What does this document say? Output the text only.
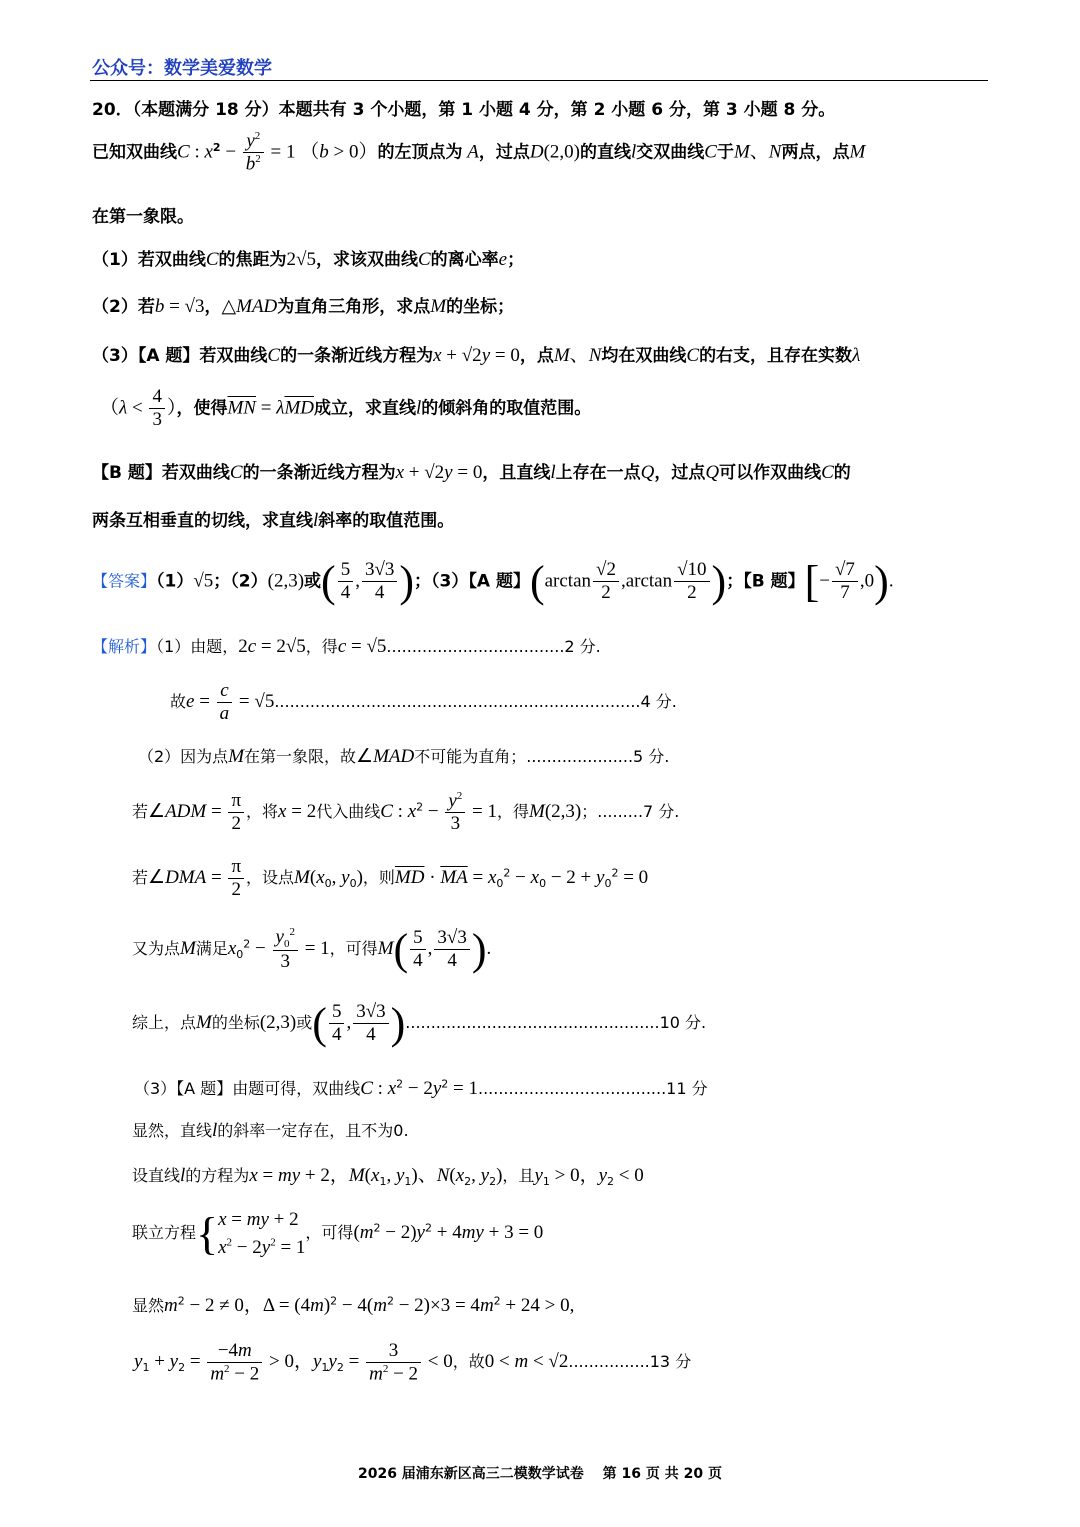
公众号：数学美爱数学
20．（本题满分 18 分）本题共有 3 个小题，第 1 小题 4 分，第 2 小题 6 分，第 3 小题 8 分。
已知双曲线C : $x^2 - \frac{y^2}{b^2} = 1$ （b > 0）的左顶点为 A，过点D(2,0)的直线l交双曲线C于M、N两点，点M
在第一象限。
（1）若双曲线C的焦距为2√5，求该双曲线C的离心率e；
（2）若b = √3，△MAD为直角三角形，求点M的坐标；
（3）【A 题】若双曲线C的一条渐近线方程为x + √2y = 0，点M、N均在双曲线C的右支，且存在实数λ
（$\lambda < \frac{4}{3}$ ），使得$\overline{MN} = \lambda\overline{MD}$成立，求直线l的倾斜角的取值范围。
【B 题】若双曲线C的一条渐近线方程为x + √2y = 0，且直线l上存在一点Q，过点Q可以作双曲线C的
两条互相垂直的切线，求直线l斜率的取值范围。
【答案】（1）√5；（2）(2,3)或( $\frac{5}{4}$ , $\frac{3√3}{4}$ )；（3）【A 题】($\arctan \frac{√2}{2} ,\arctan \frac{√10}{2}$ )；【B 题】[− $\frac{√7}{7} ,0$).
【解析】（1）由题，2c = 2√5，得c = √5...................................2 分.
故$e = \frac{c}{a} = √5........................................................................4$ 分.
（2）因为点M在第一象限，故∠MAD不可能为直角；.....................5 分.
若∠ADM = $\frac{\pi}{2}$ ，将x = 2代入曲线C : $x^2 - \frac{y^2}{3} = 1$，得M(2,3)；.........7 分.
若∠DMA = $\frac{\pi}{2}$ ，设点$M(x_0$, $y_0$)，则$\overline{MD} \cdot \overline{MA} = x_0^2 - x_0 - 2 + y_0^2 = 0$
又为点M满足$x_0^2 - \frac{y_0^2}{3} = 1$，可得$M( \frac{5}{4}$ , $\frac{3√3}{4}$ ).
综上，点M的坐标(2,3)或( $\frac{5}{4}$ , $\frac{3√3}{4} )..................................................10$ 分.
（3）【A 题】由题可得，双曲线C : $x^2 - 2y^2 = 1.....................................11$ 分
显然，直线l的斜率一定存在，且不为0.
设直线l的方程为x = my + 2，$M(x_1$, $y_1$)、$N(x_2$, $y_2$)，且$y_1 > 0$，$y_2 < 0$
联立方程{ x = my + 2
$x^2 - 2y^2 = 1$
，可得$(m^2 - 2)y^2 + 4my + 3 = 0$
显然$m^2 - 2 \ne 0$，$\Delta = (4m)^2 - 4(m^2 - 2)\times 3 = 4m^2 + 24 > 0$,
$y_1 + y_2 = \frac{-4m}{m^2 - 2} > 0$，$y_1y_2 = \frac{3}{m^2 - 2} < 0$，故0 < m < √2................13 分
2026 届浦东新区高三二模数学试卷　 第 16 页 共 20 页
